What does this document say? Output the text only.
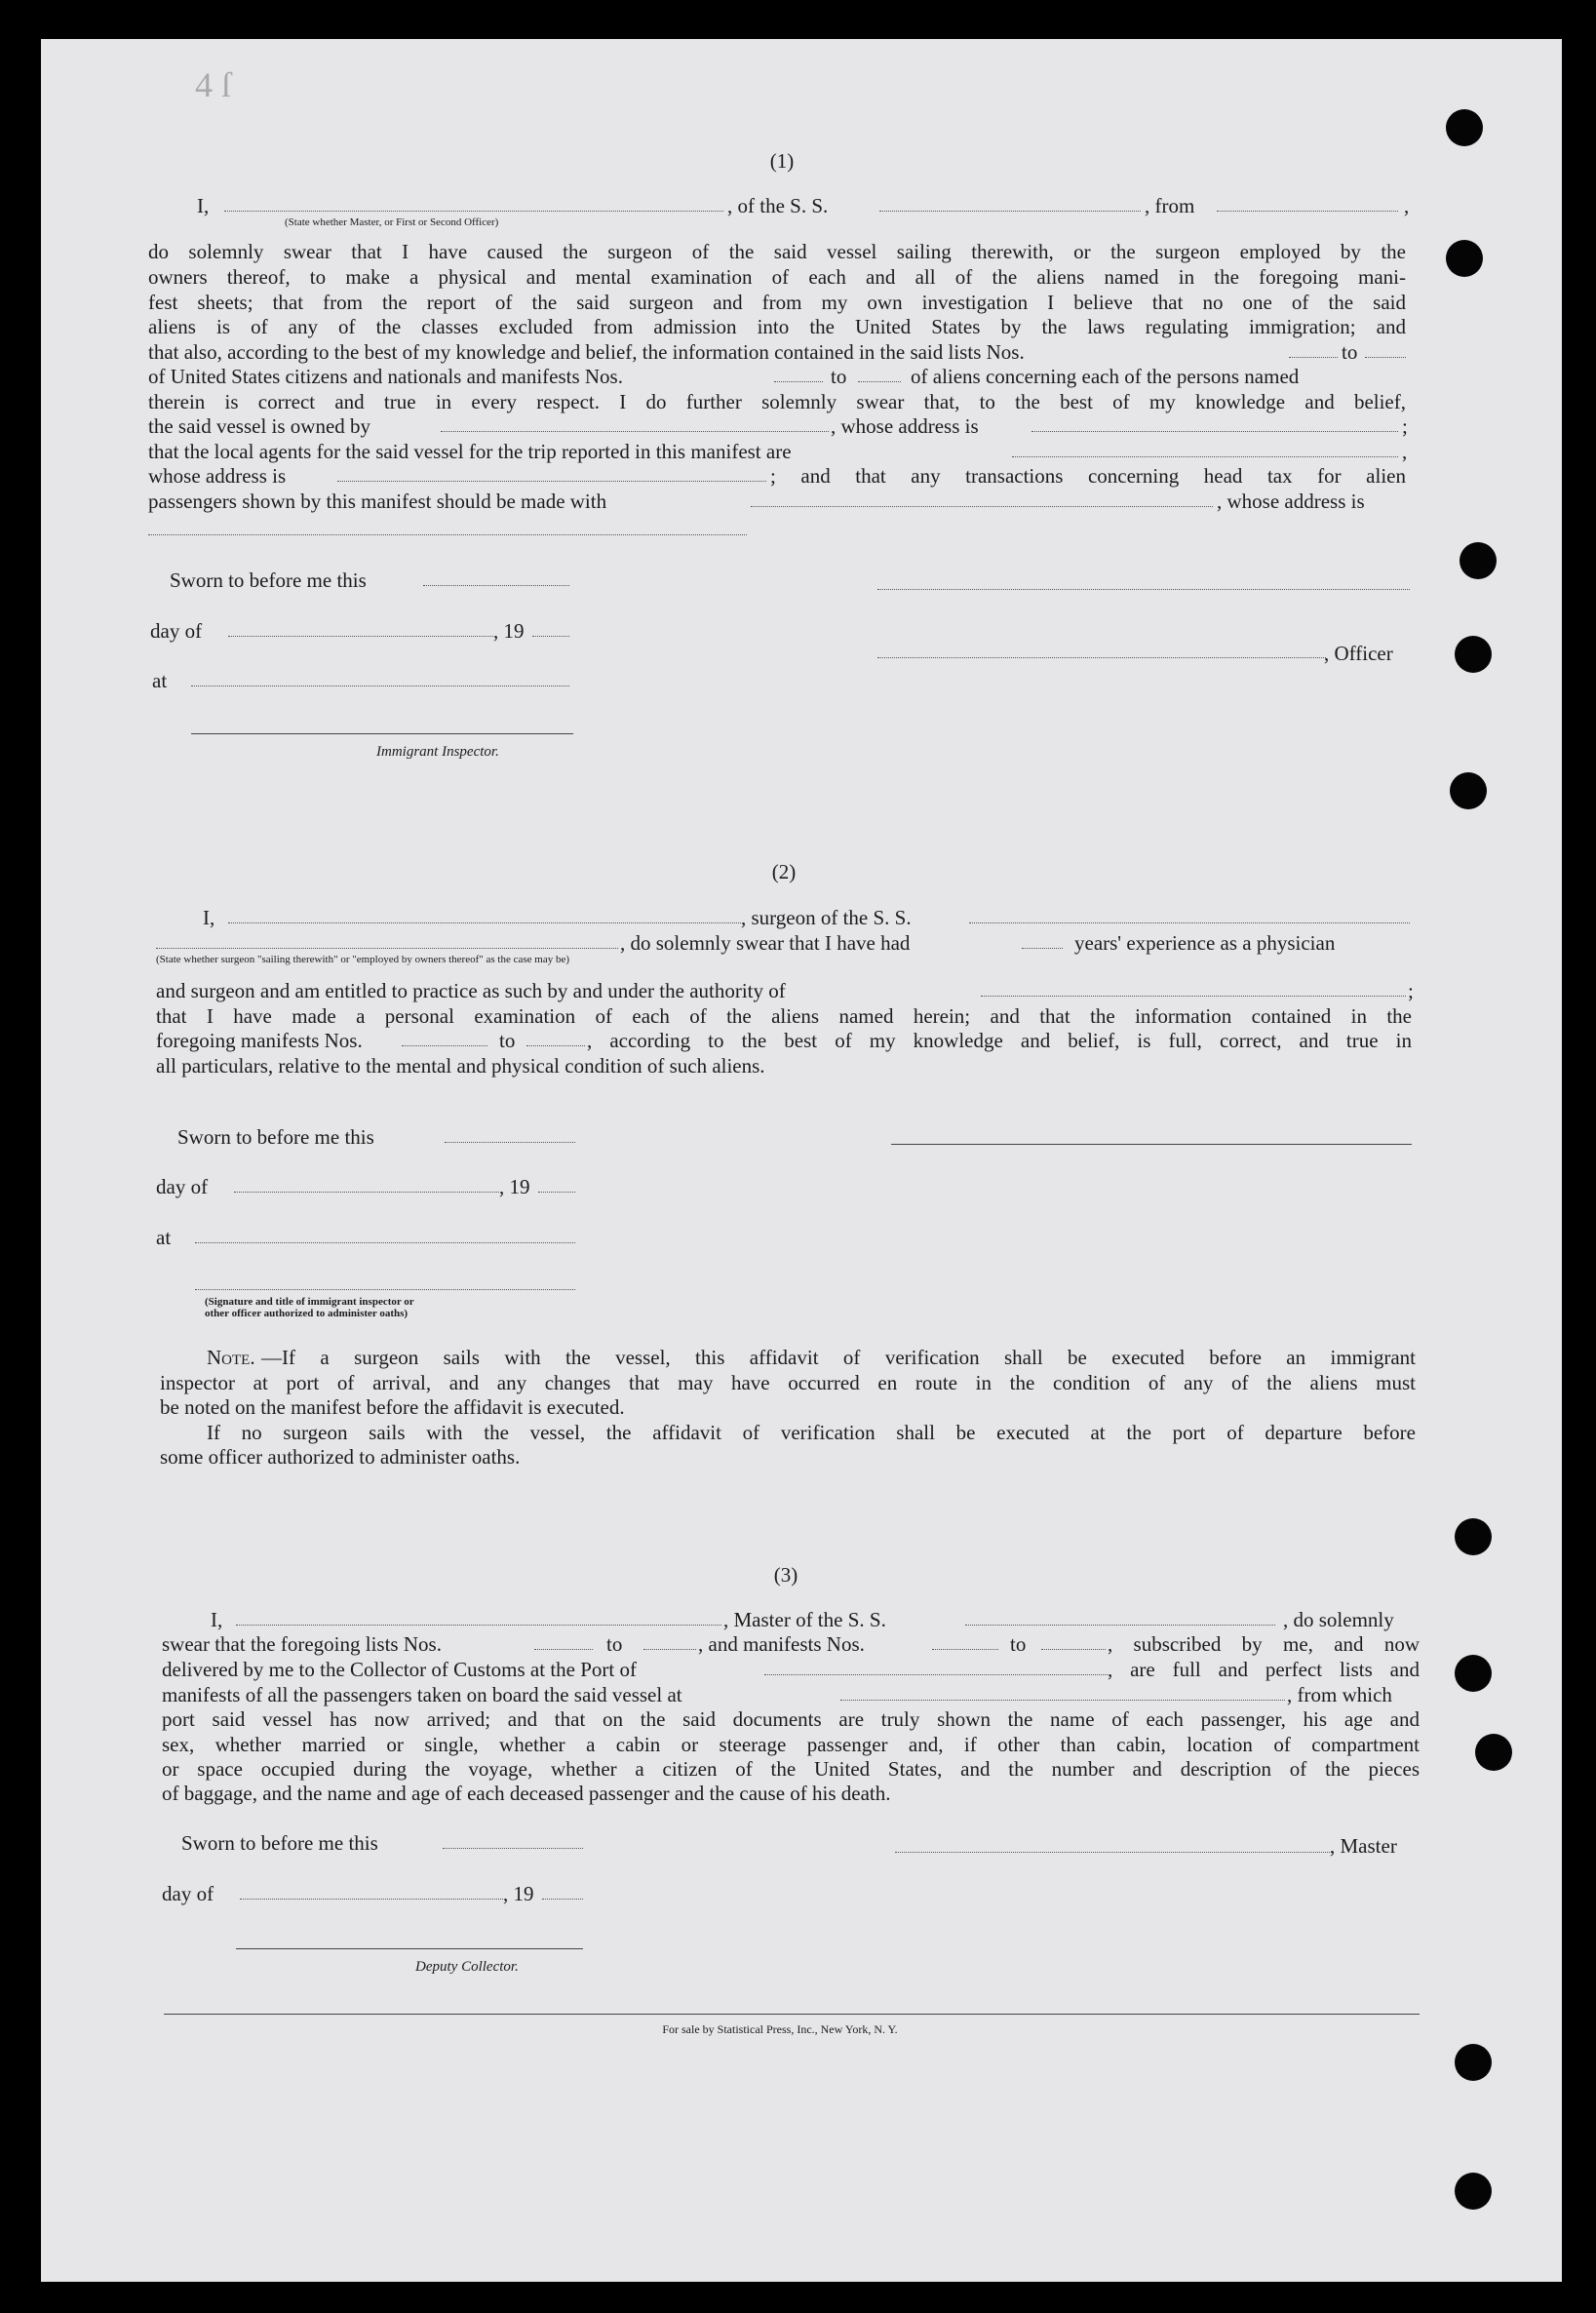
4 ſ
(1)
I,
(State whether Master, or First or Second Officer)
, of the S. S.	, from	,
do solemnly swear that I have caused the surgeon of the said vessel sailing therewith, or the surgeon employed by the
owners thereof, to make a physical and mental examination of each and all of the aliens named in the foregoing mani-
fest sheets; that from the report of the said surgeon and from my own investigation I believe that no one of the said
aliens is of any of the classes excluded from admission into the United States by the laws regulating immigration; and
that also, according to the best of my knowledge and belief, the information contained in the said lists Nos.	to
of United States citizens and nationals and manifests Nos.	to	of aliens concerning each of the persons named
therein is correct and true in every respect. I do further solemnly swear that, to the best of my knowledge and belief,
the said vessel is owned by	, whose address is	;
that the local agents for the said vessel for the trip reported in this manifest are	,
whose address is	; and that any transactions concerning head tax for alien
passengers shown by this manifest should be made with	, whose address is
Sworn to before me this
day of	, 19
, Officer
at
Immigrant Inspector.
(2)
I,	, surgeon of the S. S.
, do solemnly swear that I have had	years' experience as a physician
(State whether surgeon "sailing therewith" or "employed by owners thereof" as the case may be)
and surgeon and am entitled to practice as such by and under the authority of	;
that I have made a personal examination of each of the aliens named herein; and that the information contained in the
foregoing manifests Nos.	to	, according to the best of my knowledge and belief, is full, correct, and true in
all particulars, relative to the mental and physical condition of such aliens.
Sworn to before me this
day of	, 19
at
(Signature and title of immigrant inspector or
other officer authorized to administer oaths)
Note. —If a surgeon sails with the vessel, this affidavit of verification shall be executed before an immigrant
inspector at port of arrival, and any changes that may have occurred en route in the condition of any of the aliens must
be noted on the manifest before the affidavit is executed.
If no surgeon sails with the vessel, the affidavit of verification shall be executed at the port of departure before
some officer authorized to administer oaths.
(3)
I,	, Master of the S. S.	, do solemnly
swear that the foregoing lists Nos.	to	, and manifests Nos.	to	, subscribed by me, and now
delivered by me to the Collector of Customs at the Port of	, are full and perfect lists and
manifests of all the passengers taken on board the said vessel at	, from which
port said vessel has now arrived; and that on the said documents are truly shown the name of each passenger, his age and
sex, whether married or single, whether a cabin or steerage passenger and, if other than cabin, location of compartment
or space occupied during the voyage, whether a citizen of the United States, and the number and description of the pieces
of baggage, and the name and age of each deceased passenger and the cause of his death.
Sworn to before me this	, Master
day of	, 19
Deputy Collector.
For sale by Statistical Press, Inc., New York, N. Y.
